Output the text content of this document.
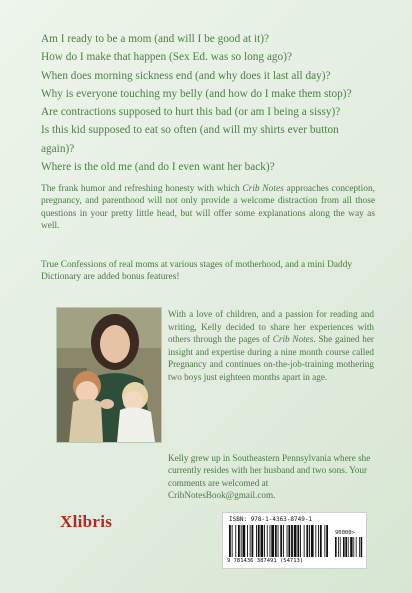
Am I ready to be a mom (and will I be good at it)?
How do I make that happen (Sex Ed. was so long ago)?
When does morning sickness end (and why does it last all day)?
Why is everyone touching my belly (and how do I make them stop)?
Are contractions supposed to hurt this bad (or am I being a sissy)?
Is this kid supposed to eat so often (and will my shirts ever button again)?
Where is the old me (and do I even want her back)?
The frank humor and refreshing honesty with which Crib Notes approaches conception, pregnancy, and parenthood will not only provide a welcome distraction from all those questions in your pretty little head, but will offer some explanations along the way as well.
True Confessions of real moms at various stages of motherhood, and a mini Daddy Dictionary are added bonus features!
With a love of children, and a passion for reading and writing, Kelly decided to share her experiences with others through the pages of Crib Notes. She gained her insight and expertise during a nine month course called Pregnancy and continues on-the-job-training mothering two boys just eighteen months apart in age.
Kelly grew up in Southeastern Pennsylvania where she currently resides with her husband and two sons. Your comments are welcomed at CribNotesBook@gmail.com.
Xlibris	ISBN: 978-1-4363-8749-1
90000>
9 781436 387491 (54713)
